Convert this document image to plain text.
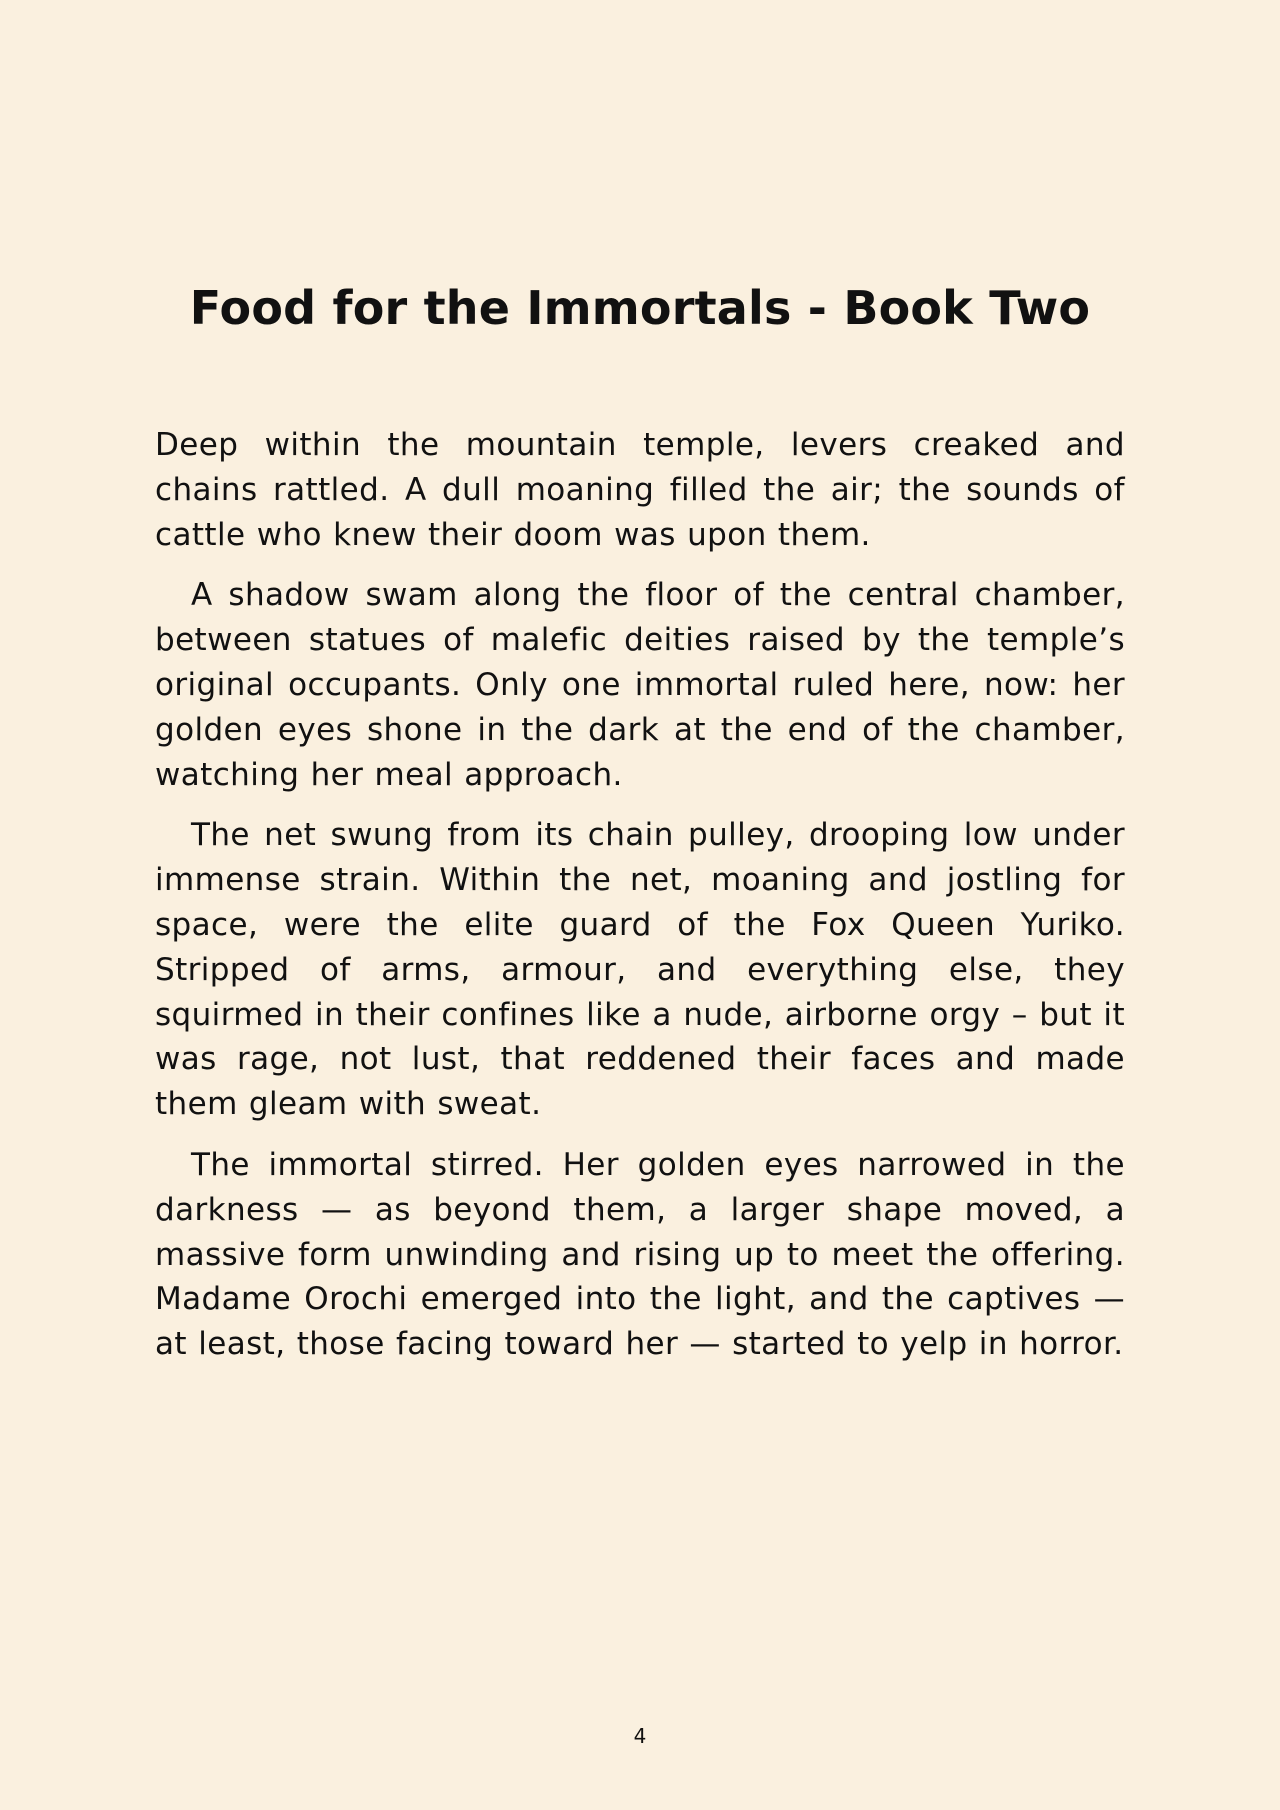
Food for the Immortals - Book Two

Deep within the mountain temple, levers creaked and chains rattled. A dull moaning filled the air; the sounds of cattle who knew their doom was upon them.

A shadow swam along the floor of the central chamber, between statues of malefic deities raised by the temple’s original occupants. Only one immortal ruled here, now: her golden eyes shone in the dark at the end of the chamber, watching her meal approach.

The net swung from its chain pulley, drooping low under immense strain. Within the net, moaning and jostling for space, were the elite guard of the Fox Queen Yuriko. Stripped of arms, armour, and everything else, they squirmed in their confines like a nude, airborne orgy – but it was rage, not lust, that reddened their faces and made them gleam with sweat.

The immortal stirred. Her golden eyes narrowed in the darkness — as beyond them, a larger shape moved, a massive form unwinding and rising up to meet the offering. Madame Orochi emerged into the light, and the captives — at least, those facing toward her — started to yelp in horror.

4
